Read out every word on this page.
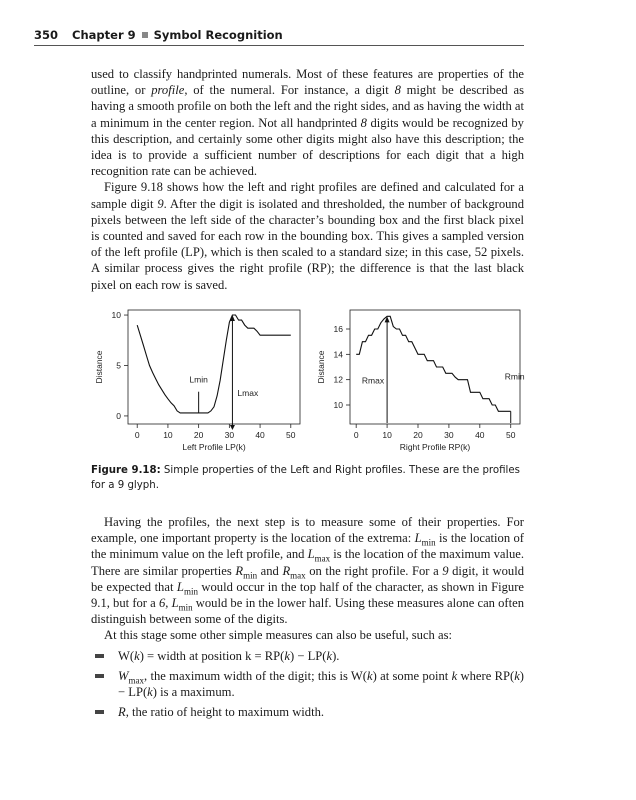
350 Chapter 9 Symbol Recognition

used to classify handprinted numerals. Most of these features are properties of the outline, or profile, of the numeral. For instance, a digit 8 might be described as having a smooth profile on both the left and the right sides, and as having the width at a minimum in the center region. Not all handprinted 8 digits would be recognized by this description, and certainly some other digits might also have this description; the idea is to provide a sufficient number of descriptions for each digit that a high recognition rate can be achieved.

Figure 9.18 shows how the left and right profiles are defined and calculated for a sample digit 9. After the digit is isolated and thresholded, the number of background pixels between the left side of the character’s bounding box and the first black pixel is counted and saved for each row in the bounding box. This gives a sampled version of the left profile (LP), which is then scaled to a standard size; in this case, 52 pixels. A similar process gives the right profile (RP); the difference is that the last black pixel on each row is saved.

0	10 20 30 40 50
0
5
10
Left Profile LP(k)
Distance
0	10	20	30	40	50
10
12
14
16
Right Profile RP(k)
Distance
Lmin
Lmax
Rmax	Rmin
Figure 9.18: Simple properties of the Left and Right profiles. These are the profiles for a 9 glyph.

Having the profiles, the next step is to measure some of their properties. For example, one important property is the location of the extrema: $L_{min}$ is the location of the minimum value on the left profile, and $L_{max}$ is the location of the maximum value. There are similar properties $R_{min}$ and $R_{max}$ on the right profile. For a 9 digit, it would be expected that $L_{min}$ would occur in the top half of the character, as shown in Figure 9.1, but for a 6, $L_{min}$ would be in the lower half. Using these measures alone can often distinguish between some of the digits.

At this stage some other simple measures can also be useful, such as:

W(k) = width at position k = RP(k) − LP(k).
$W_{max}$, the maximum width of the digit; this is W(k) at some point k where RP(k) − LP(k) is a maximum.
R, the ratio of height to maximum width.
